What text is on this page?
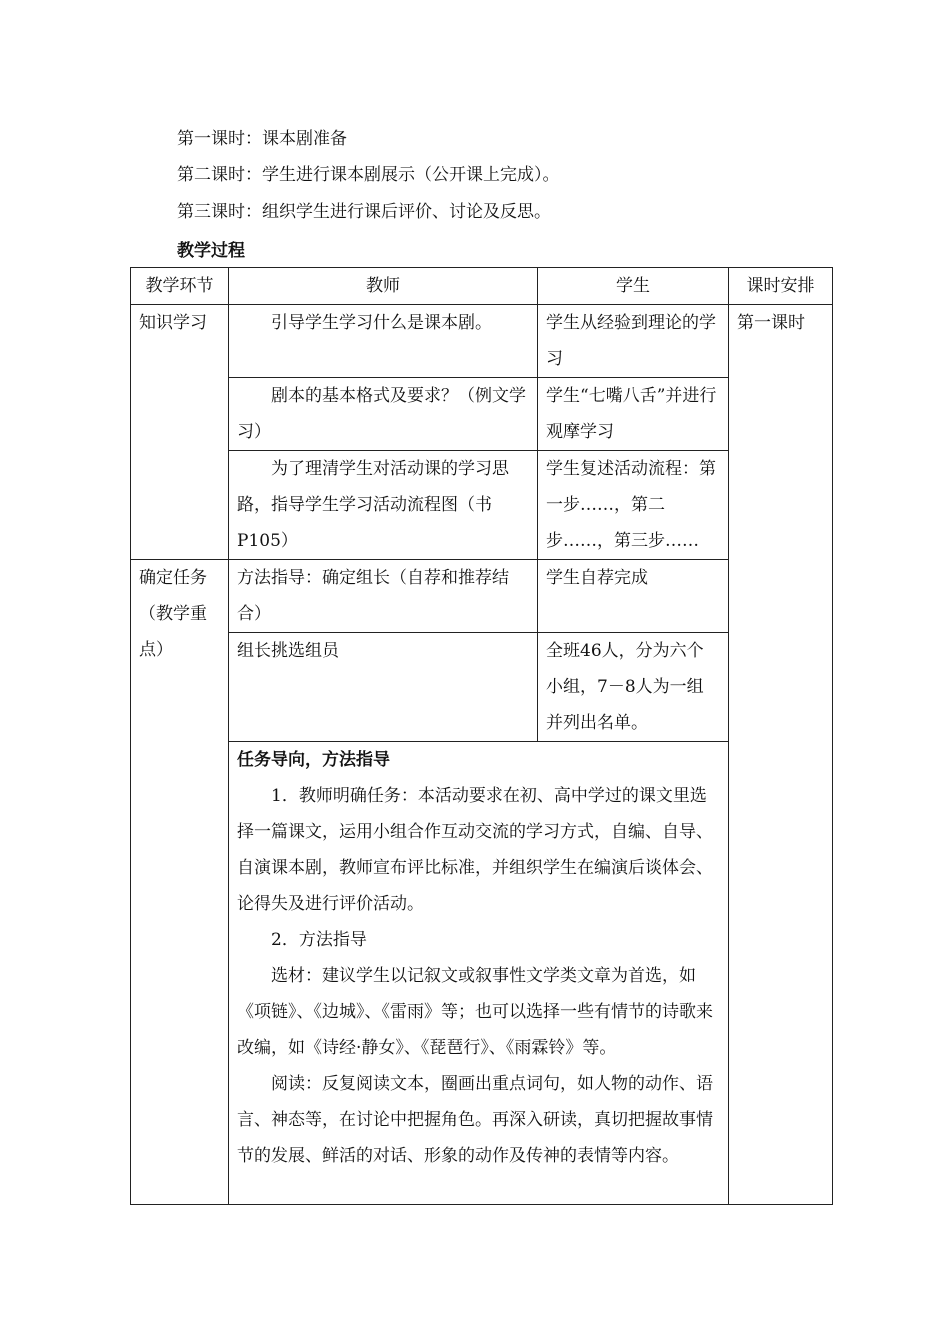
第一课时：课本剧准备

第二课时：学生进行课本剧展示（公开课上完成）。

第三课时：组织学生进行课后评价、讨论及反思。

教学过程

教学环节	教师	学生	课时安排
知识学习	引导学生学习什么是课本剧。	学生从经验到理论的学习	第一课时
	剧本的基本格式及要求？（例文学习）	学生“七嘴八舌”并进行观摩学习	
	为了理清学生对活动课的学习思路，指导学生学习活动流程图（书P105）	学生复述活动流程：第一步……，第二步……，第三步……	
确定任务（教学重点）	方法指导：确定组长（自荐和推荐结合）	学生自荐完成	
	组长挑选组员	全班46人，分为六个小组，7－8人为一组并列出名单。	

	任务导向，方法指导

1．教师明确任务：本活动要求在初、高中学过的课文里选择一篇课文，运用小组合作互动交流的学习方式，自编、自导、自演课本剧，教师宣布评比标准，并组织学生在编演后谈体会、论得失及进行评价活动。

2．方法指导

选材：建议学生以记叙文或叙事性文学类文章为首选，如《项链》、《边城》、《雷雨》等；也可以选择一些有情节的诗歌来改编，如《诗经·静女》、《琵琶行》、《雨霖铃》等。

阅读：反复阅读文本，圈画出重点词句，如人物的动作、语言、神态等，在讨论中把握角色。再深入研读，真切把握故事情节的发展、鲜活的对话、形象的动作及传神的表情等内容。		
